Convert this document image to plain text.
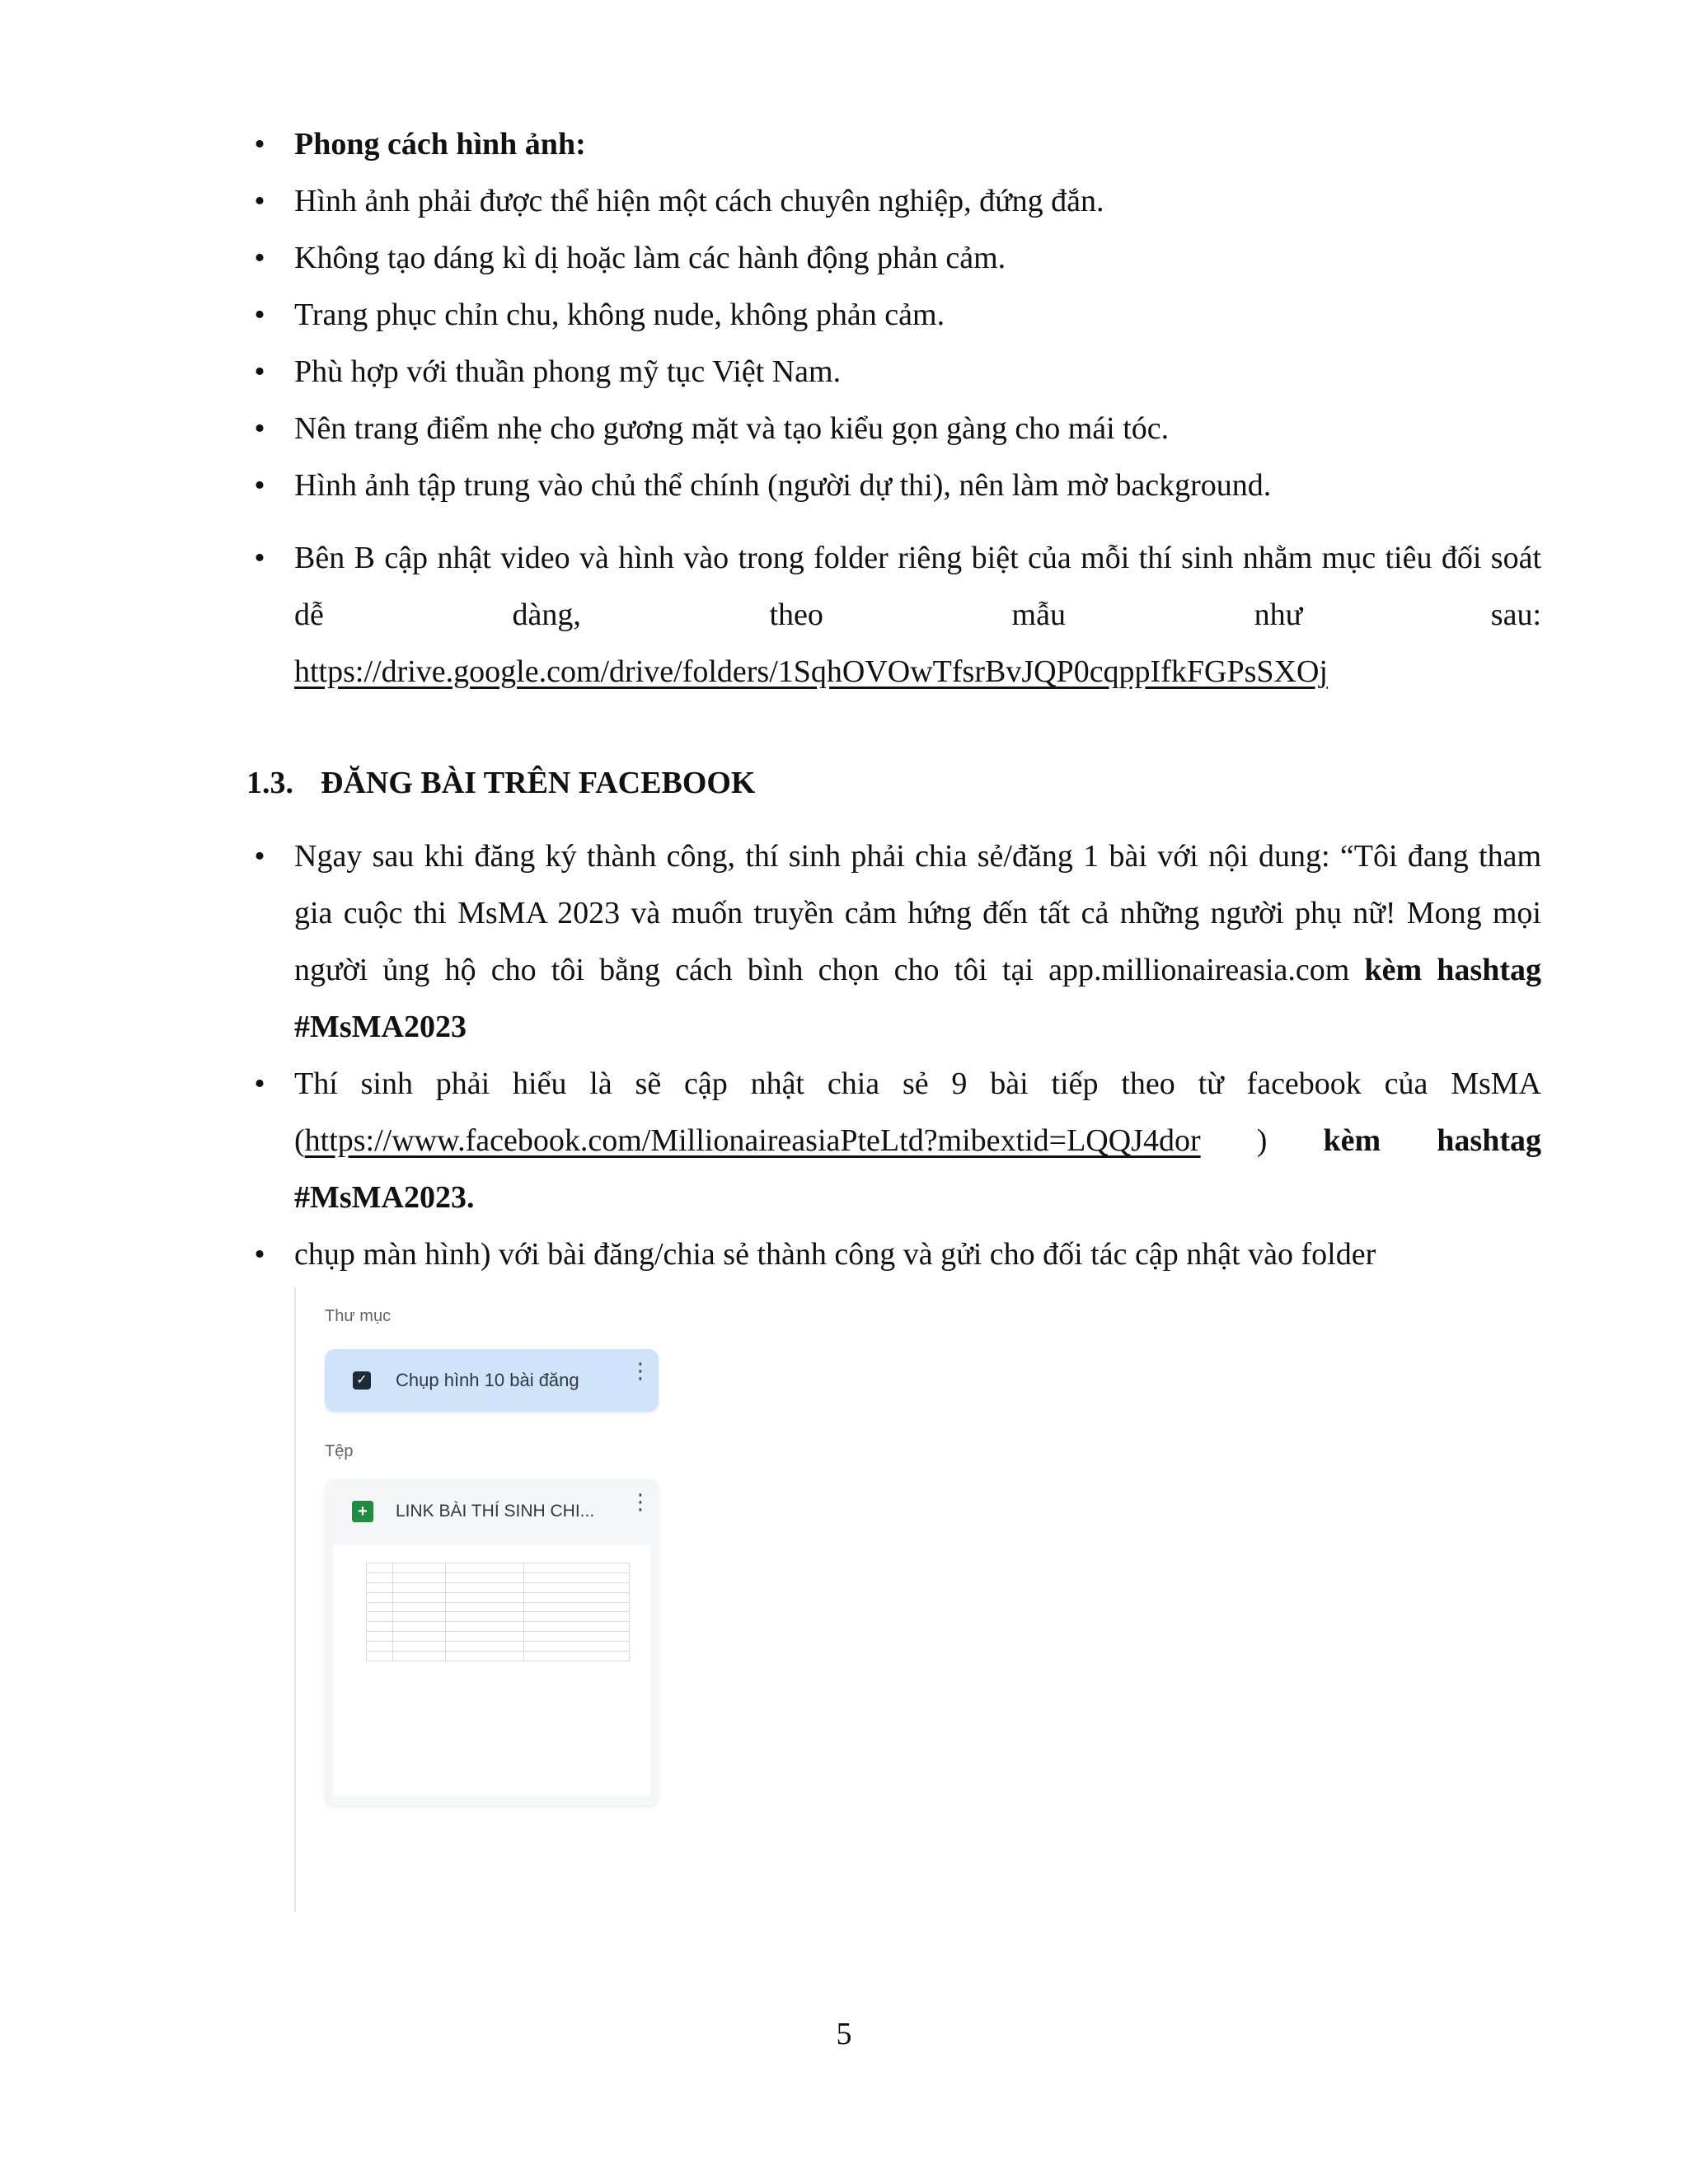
• Phong cách hình ảnh:
• Hình ảnh phải được thể hiện một cách chuyên nghiệp, đứng đắn.
• Không tạo dáng kì dị hoặc làm các hành động phản cảm.
• Trang phục chỉn chu, không nude, không phản cảm.
• Phù hợp với thuần phong mỹ tục Việt Nam.
• Nên trang điểm nhẹ cho gương mặt và tạo kiểu gọn gàng cho mái tóc.
• Hình ảnh tập trung vào chủ thể chính (người dự thi), nên làm mờ background.
• Bên B cập nhật video và hình vào trong folder riêng biệt của mỗi thí sinh nhằm mục tiêu đối soát dễ dàng, theo mẫu như sau:
https://drive.google.com/drive/folders/1SqhOVOwTfsrBvJQP0cqppIfkFGPsSXOj
1.3. ĐĂNG BÀI TRÊN FACEBOOK
• Ngay sau khi đăng ký thành công, thí sinh phải chia sẻ/đăng 1 bài với nội dung: “Tôi đang tham gia cuộc thi MsMA 2023 và muốn truyền cảm hứng đến tất cả những người phụ nữ! Mong mọi người ủng hộ cho tôi bằng cách bình chọn cho tôi tại app.millionaireasia.com kèm hashtag #MsMA2023
• Thí sinh phải hiểu là sẽ cập nhật chia sẻ 9 bài tiếp theo từ facebook của MsMA (https://www.facebook.com/MillionaireasiaPteLtd?mibextid=LQQJ4dor ) kèm hashtag #MsMA2023.
• chụp màn hình) với bài đăng/chia sẻ thành công và gửi cho đối tác cập nhật vào folder
Thư mục
✓ Chụp hình 10 bài đăng ⋮
Tệp
+	LINK BÀI THÍ SINH CHI... ⋮

5
